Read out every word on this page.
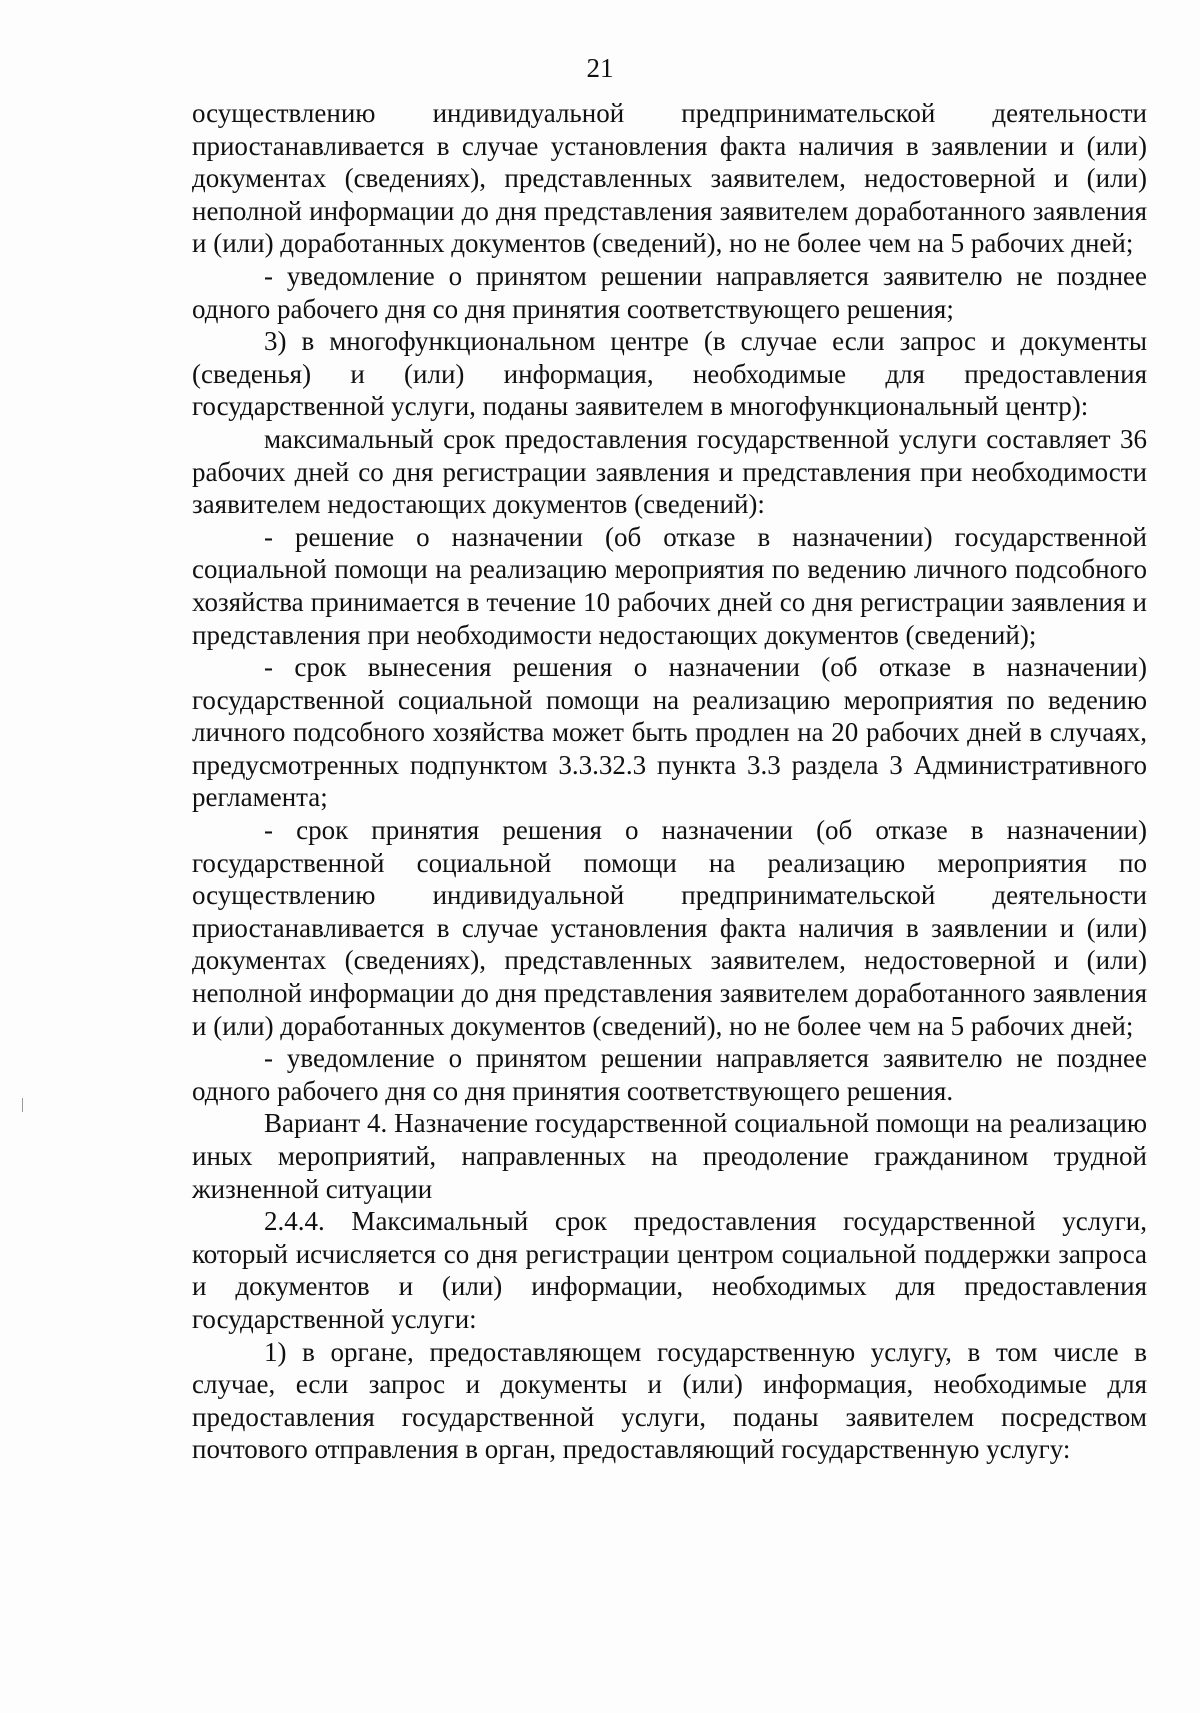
21

осуществлению индивидуальной предпринимательской деятельности приостанавливается в случае установления факта наличия в заявлении и (или) документах (сведениях), представленных заявителем, недостоверной и (или) неполной информации до дня представления заявителем доработанного заявления и (или) доработанных документов (сведений), но не более чем на 5 рабочих дней;

- уведомление о принятом решении направляется заявителю не позднее одного рабочего дня со дня принятия соответствующего решения;

3) в многофункциональном центре (в случае если запрос и документы (сведенья) и (или) информация, необходимые для предоставления государственной услуги, поданы заявителем в многофункциональный центр):

максимальный срок предоставления государственной услуги составляет 36 рабочих дней со дня регистрации заявления и представления при необходимости заявителем недостающих документов (сведений):

- решение о назначении (об отказе в назначении) государственной социальной помощи на реализацию мероприятия по ведению личного подсобного хозяйства принимается в течение 10 рабочих дней со дня регистрации заявления и представления при необходимости недостающих документов (сведений);

- срок вынесения решения о назначении (об отказе в назначении) государственной социальной помощи на реализацию мероприятия по ведению личного подсобного хозяйства может быть продлен на 20 рабочих дней в случаях, предусмотренных подпунктом 3.3.32.3 пункта 3.3 раздела 3 Административного регламента;

- срок принятия решения о назначении (об отказе в назначении) государственной социальной помощи на реализацию мероприятия по осуществлению индивидуальной предпринимательской деятельности приостанавливается в случае установления факта наличия в заявлении и (или) документах (сведениях), представленных заявителем, недостоверной и (или) неполной информации до дня представления заявителем доработанного заявления и (или) доработанных документов (сведений), но не более чем на 5 рабочих дней;

- уведомление о принятом решении направляется заявителю не позднее одного рабочего дня со дня принятия соответствующего решения.

Вариант 4. Назначение государственной социальной помощи на реализацию иных мероприятий, направленных на преодоление гражданином трудной жизненной ситуации

2.4.4. Максимальный срок предоставления государственной услуги, который исчисляется со дня регистрации центром социальной поддержки запроса и документов и (или) информации, необходимых для предоставления государственной услуги:

1) в органе, предоставляющем государственную услугу, в том числе в случае, если запрос и документы и (или) информация, необходимые для предоставления государственной услуги, поданы заявителем посредством почтового отправления в орган, предоставляющий государственную услугу:
